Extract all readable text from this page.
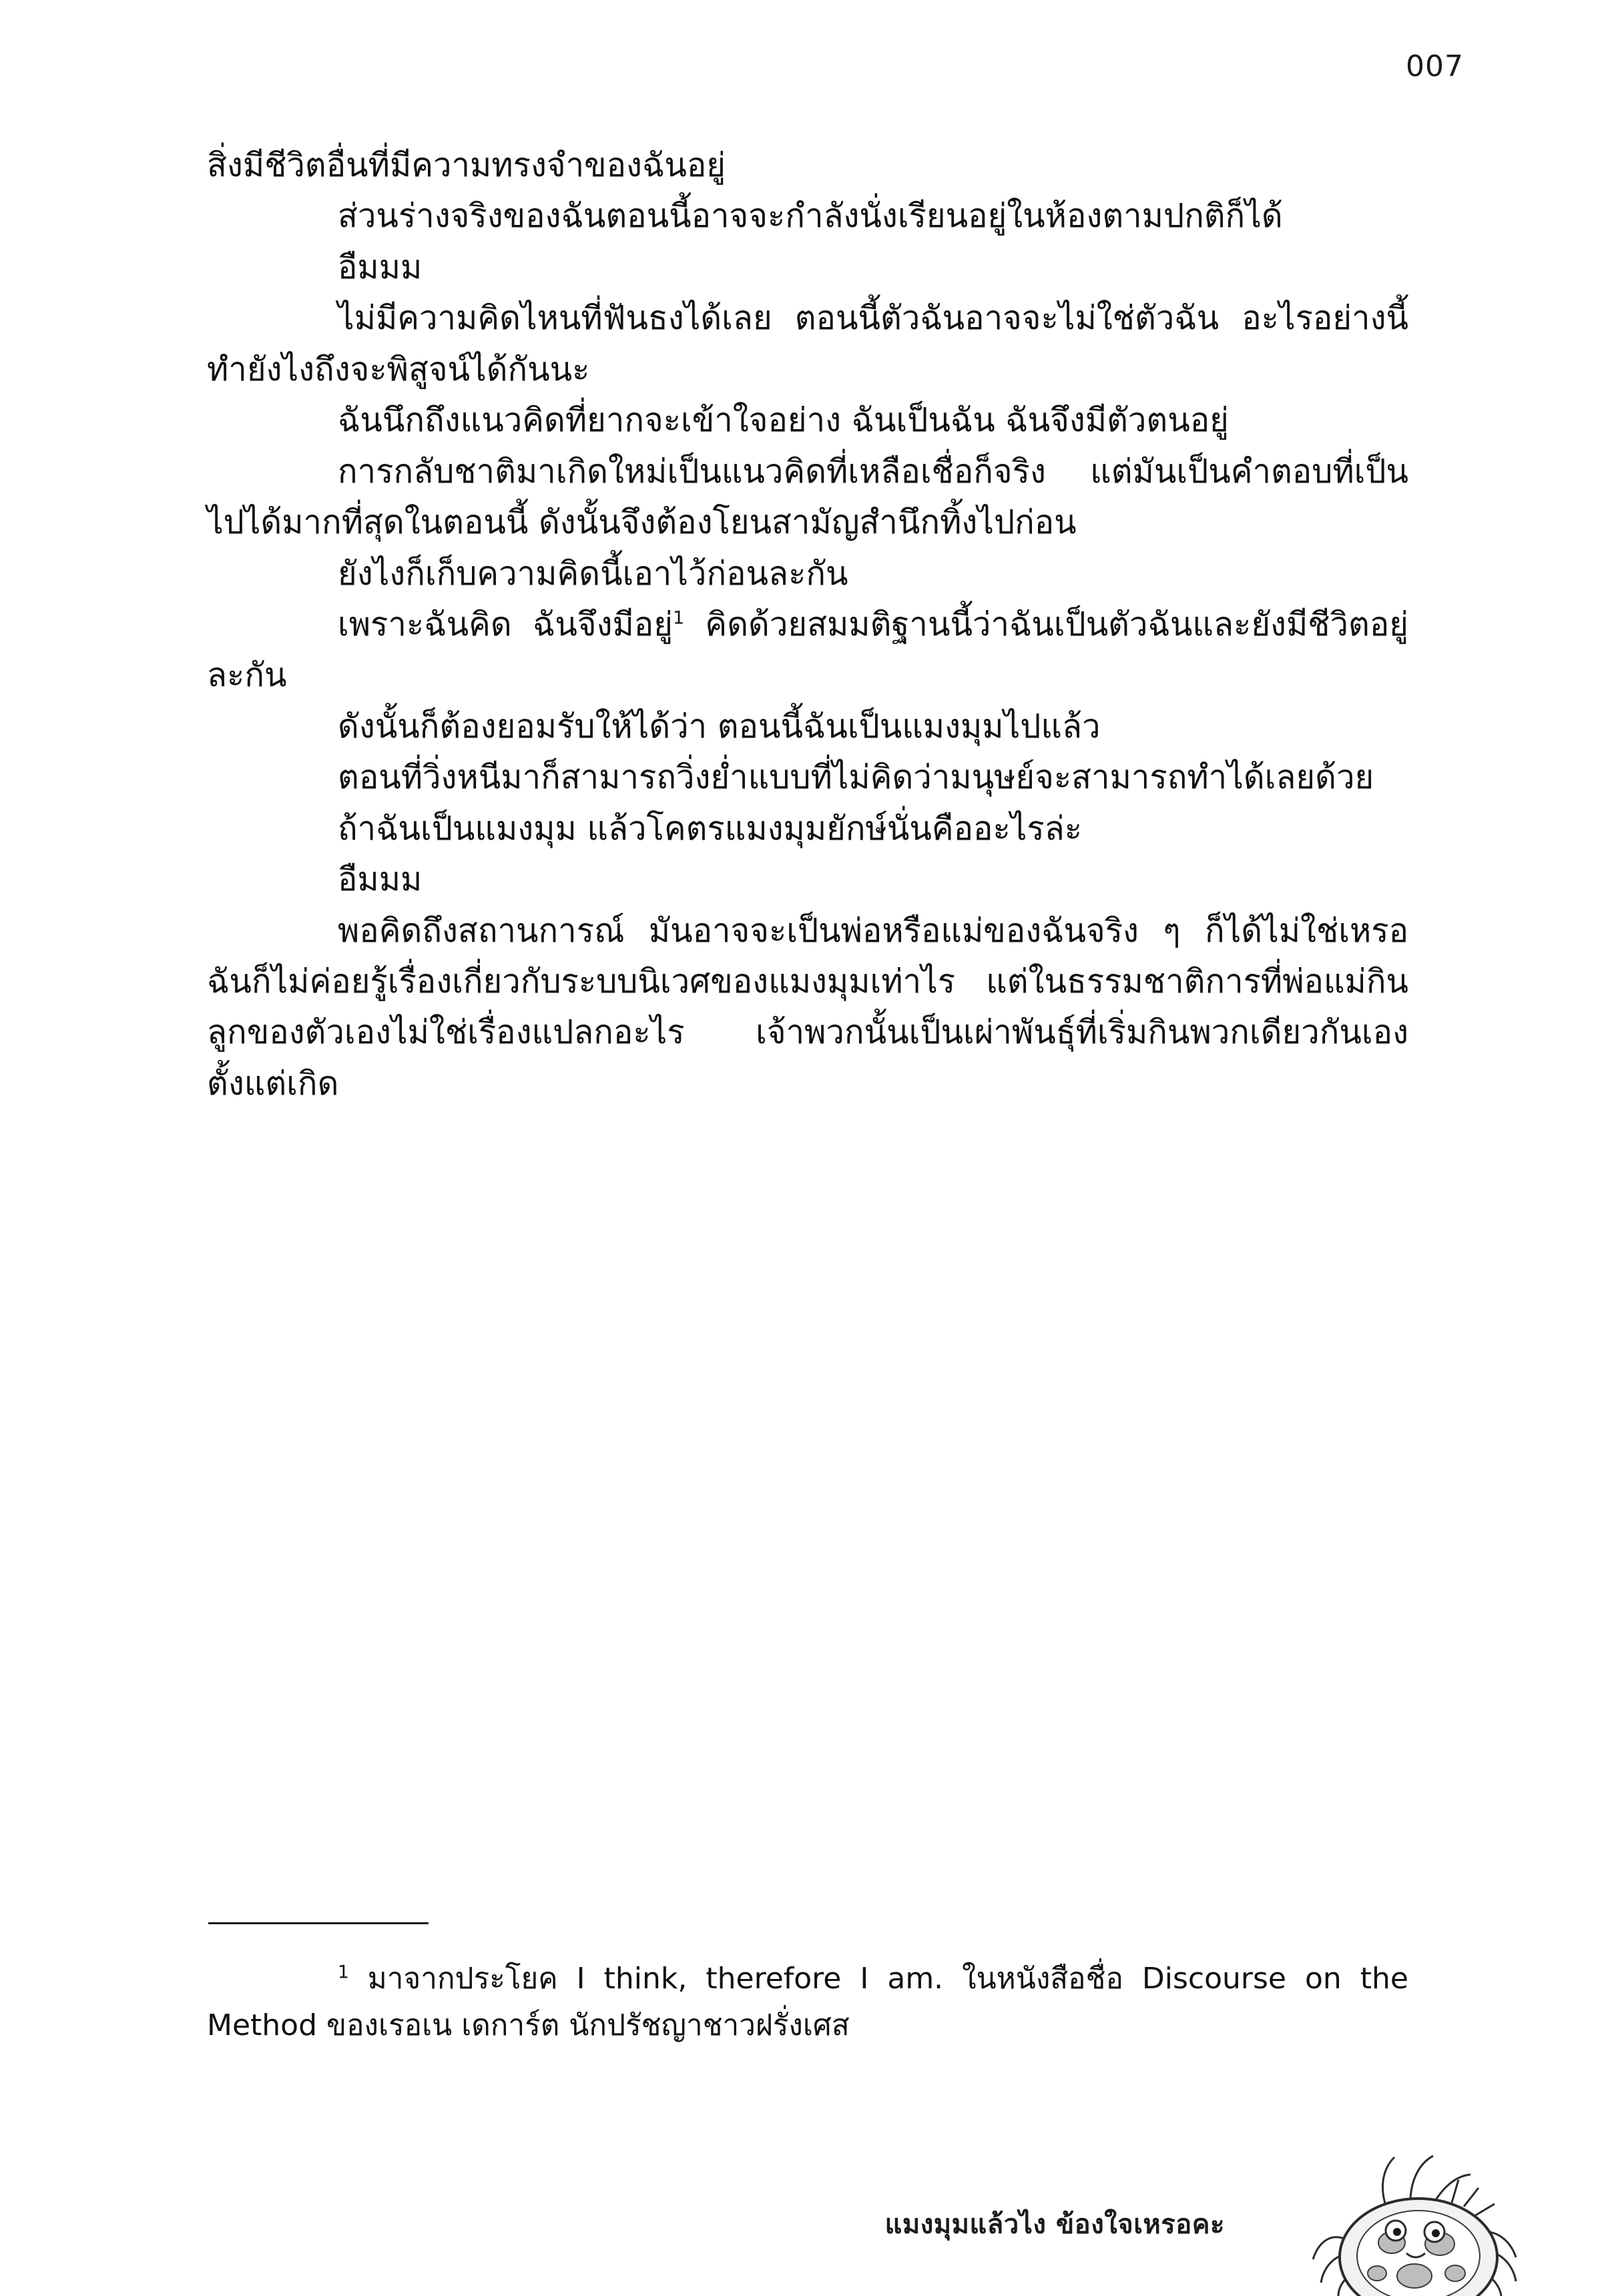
007

สิ่งมีชีวิตอื่นที่มีความทรงจำของฉันอยู่

ส่วนร่างจริงของฉันตอนนี้อาจจะกำลังนั่งเรียนอยู่ในห้องตามปกติก็ได้

อืมมม

ไม่มีความคิดไหนที่ฟันธงได้เลย ตอนนี้ตัวฉันอาจจะไม่ใช่ตัวฉัน อะไรอย่างนี้ ทำยังไงถึงจะพิสูจน์ได้กันนะ

ฉันนึกถึงแนวคิดที่ยากจะเข้าใจอย่าง ฉันเป็นฉัน ฉันจึงมีตัวตนอยู่

การกลับชาติมาเกิดใหม่เป็นแนวคิดที่เหลือเชื่อก็จริง แต่มันเป็นคำตอบที่เป็นไปได้มากที่สุดในตอนนี้ ดังนั้นจึงต้องโยนสามัญสำนึกทิ้งไปก่อน

ยังไงก็เก็บความคิดนี้เอาไว้ก่อนละกัน

เพราะฉันคิด ฉันจึงมีอยู่$^1$ คิดด้วยสมมติฐานนี้ว่าฉันเป็นตัวฉันและยังมีชีวิตอยู่ละกัน

ดังนั้นก็ต้องยอมรับให้ได้ว่า ตอนนี้ฉันเป็นแมงมุมไปแล้ว

ตอนที่วิ่งหนีมาก็สามารถวิ่งย่ำแบบที่ไม่คิดว่ามนุษย์จะสามารถทำได้เลยด้วย

ถ้าฉันเป็นแมงมุม แล้วโคตรแมงมุมยักษ์นั่นคืออะไรล่ะ

อืมมม

พอคิดถึงสถานการณ์ มันอาจจะเป็นพ่อหรือแม่ของฉันจริง ๆ ก็ได้ไม่ใช่เหรอ ฉันก็ไม่ค่อยรู้เรื่องเกี่ยวกับระบบนิเวศของแมงมุมเท่าไร แต่ในธรรมชาติการที่พ่อแม่กินลูกของตัวเองไม่ใช่เรื่องแปลกอะไร เจ้าพวกนั้นเป็นเผ่าพันธุ์ที่เริ่มกินพวกเดียวกันเองตั้งแต่เกิด

$^1$ มาจากประโยค I think, therefore I am. ในหนังสือชื่อ Discourse on the Method ของเรอเน เดการ์ต นักปรัชญาชาวฝรั่งเศส

แมงมุมแล้วไง ข้องใจเหรอคะ
